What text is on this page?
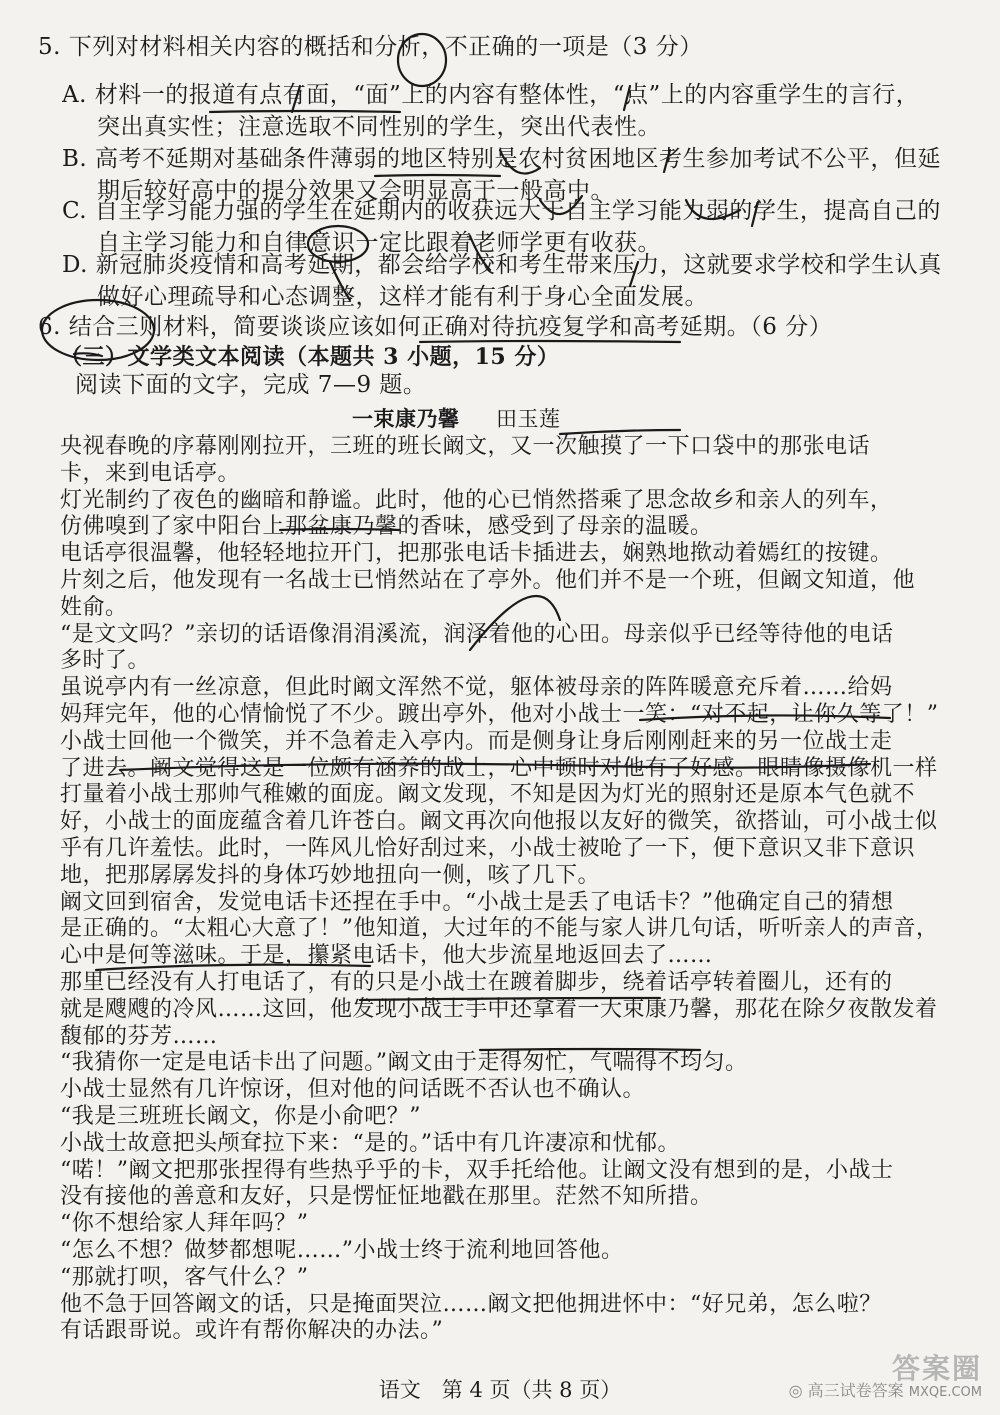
5. 下列对材料相关内容的概括和分析，不正确的一项是（3 分）
A. 材料一的报道有点有面，“面”上的内容有整体性，“点”上的内容重学生的言行，
突出真实性；注意选取不同性别的学生，突出代表性。
B. 高考不延期对基础条件薄弱的地区特别是农村贫困地区考生参加考试不公平，但延
期后较好高中的提分效果又会明显高于一般高中。
C. 自主学习能力强的学生在延期内的收获远大于自主学习能力弱的学生，提高自己的
自主学习能力和自律意识一定比跟着老师学更有收获。
D. 新冠肺炎疫情和高考延期，都会给学校和考生带来压力，这就要求学校和学生认真
做好心理疏导和心态调整，这样才能有利于身心全面发展。
6. 结合三则材料，简要谈谈应该如何正确对待抗疫复学和高考延期。（6 分）
（三）文学类文本阅读（本题共 3 小题，15 分）
阅读下面的文字，完成 7—9 题。
一束康乃馨 田玉莲
央视春晚的序幕刚刚拉开，三班的班长阚文，又一次触摸了一下口袋中的那张电话
卡，来到电话亭。
灯光制约了夜色的幽暗和静谧。此时，他的心已悄然搭乘了思念故乡和亲人的列车，
仿佛嗅到了家中阳台上那盆康乃馨的香味，感受到了母亲的温暖。
电话亭很温馨，他轻轻地拉开门，把那张电话卡插进去，娴熟地揿动着嫣红的按键。
片刻之后，他发现有一名战士已悄然站在了亭外。他们并不是一个班，但阚文知道，他
姓俞。
“是文文吗？”亲切的话语像涓涓溪流，润泽着他的心田。母亲似乎已经等待他的电话
多时了。
虽说亭内有一丝凉意，但此时阚文浑然不觉，躯体被母亲的阵阵暖意充斥着……给妈
妈拜完年，他的心情愉悦了不少。踱出亭外，他对小战士一笑：“对不起，让你久等了！”
小战士回他一个微笑，并不急着走入亭内。而是侧身让身后刚刚赶来的另一位战士走
了进去。阚文觉得这是一位颇有涵养的战士，心中顿时对他有了好感。眼睛像摄像机一样
打量着小战士那帅气稚嫩的面庞。阚文发现，不知是因为灯光的照射还是原本气色就不
好，小战士的面庞蕴含着几许苍白。阚文再次向他报以友好的微笑，欲搭讪，可小战士似
乎有几许羞怯。此时，一阵风儿恰好刮过来，小战士被呛了一下，便下意识又非下意识
地，把那孱孱发抖的身体巧妙地扭向一侧，咳了几下。
阚文回到宿舍，发觉电话卡还捏在手中。“小战士是丢了电话卡？”他确定自己的猜想
是正确的。“太粗心大意了！”他知道，大过年的不能与家人讲几句话，听听亲人的声音，
心中是何等滋味。于是，攥紧电话卡，他大步流星地返回去了……
那里已经没有人打电话了，有的只是小战士在踱着脚步，绕着话亭转着圈儿，还有的
就是飕飕的冷风……这回，他发现小战士手中还拿着一大束康乃馨，那花在除夕夜散发着
馥郁的芬芳……
“我猜你一定是电话卡出了问题。”阚文由于走得匆忙，气喘得不均匀。
小战士显然有几许惊讶，但对他的问话既不否认也不确认。
“我是三班班长阚文，你是小俞吧？”
小战士故意把头颅耷拉下来：“是的。”话中有几许凄凉和忧郁。
“喏！”阚文把那张捏得有些热乎乎的卡，双手托给他。让阚文没有想到的是，小战士
没有接他的善意和友好，只是愣怔怔地戳在那里。茫然不知所措。
“你不想给家人拜年吗？”
“怎么不想？做梦都想呢……”小战士终于流利地回答他。
“那就打呗，客气什么？”
他不急于回答阚文的话，只是掩面哭泣……阚文把他拥进怀中：“好兄弟，怎么啦？
有话跟哥说。或许有帮你解决的办法。”
语文　第 4 页（共 8 页）
答案圈
◎ 高三试卷答案 MXQE.COM
